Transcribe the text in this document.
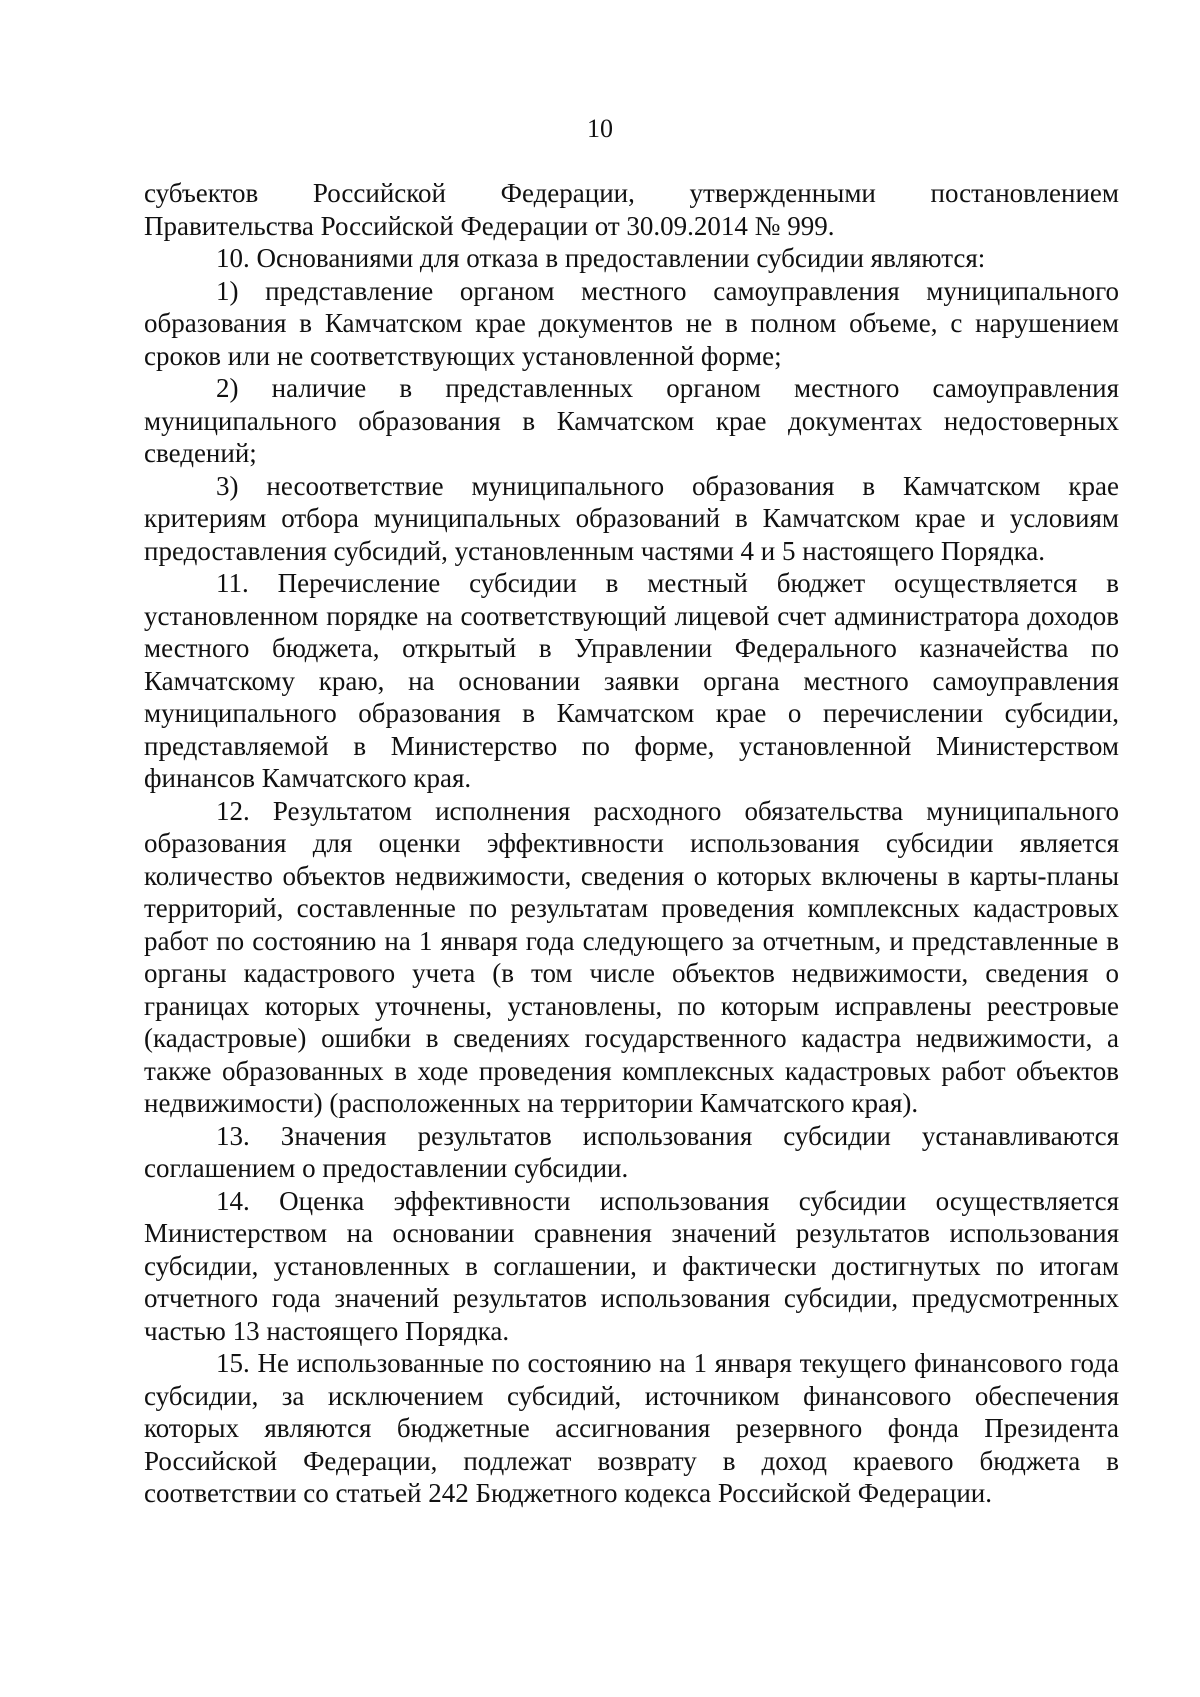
10

субъектов Российской Федерации, утвержденными постановлением

Правительства Российской Федерации от 30.09.2014 № 999.

10. Основаниями для отказа в предоставлении субсидии являются:

1) представление органом местного самоуправления муниципального образования в Камчатском крае документов не в полном объеме, с нарушением сроков или не соответствующих установленной форме;

2) наличие в представленных органом местного самоуправления муниципального образования в Камчатском крае документах недостоверных сведений;

3) несоответствие муниципального образования в Камчатском крае критериям отбора муниципальных образований в Камчатском крае и условиям предоставления субсидий, установленным частями 4 и 5 настоящего Порядка.

11. Перечисление субсидии в местный бюджет осуществляется в установленном порядке на соответствующий лицевой счет администратора доходов местного бюджета, открытый в Управлении Федерального казначейства по Камчатскому краю, на основании заявки органа местного самоуправления муниципального образования в Камчатском крае о перечислении субсидии, представляемой в Министерство по форме, установленной Министерством финансов Камчатского края.

12. Результатом исполнения расходного обязательства муниципального образования для оценки эффективности использования субсидии является количество объектов недвижимости, сведения о которых включены в карты-планы территорий, составленные по результатам проведения комплексных кадастровых работ по состоянию на 1 января года следующего за отчетным, и представленные в органы кадастрового учета (в том числе объектов недвижимости, сведения о границах которых уточнены, установлены, по которым исправлены реестровые (кадастровые) ошибки в сведениях государственного кадастра недвижимости, а также образованных в ходе проведения комплексных кадастровых работ объектов недвижимости) (расположенных на территории Камчатского края).

13. Значения результатов использования субсидии устанавливаются соглашением о предоставлении субсидии.

14. Оценка эффективности использования субсидии осуществляется Министерством на основании сравнения значений результатов использования субсидии, установленных в соглашении, и фактически достигнутых по итогам отчетного года значений результатов использования субсидии, предусмотренных частью 13 настоящего Порядка.

15. Не использованные по состоянию на 1 января текущего финансового года субсидии, за исключением субсидий, источником финансового обеспечения которых являются бюджетные ассигнования резервного фонда Президента Российской Федерации, подлежат возврату в доход краевого бюджета в соответствии со статьей 242 Бюджетного кодекса Российской Федерации.
